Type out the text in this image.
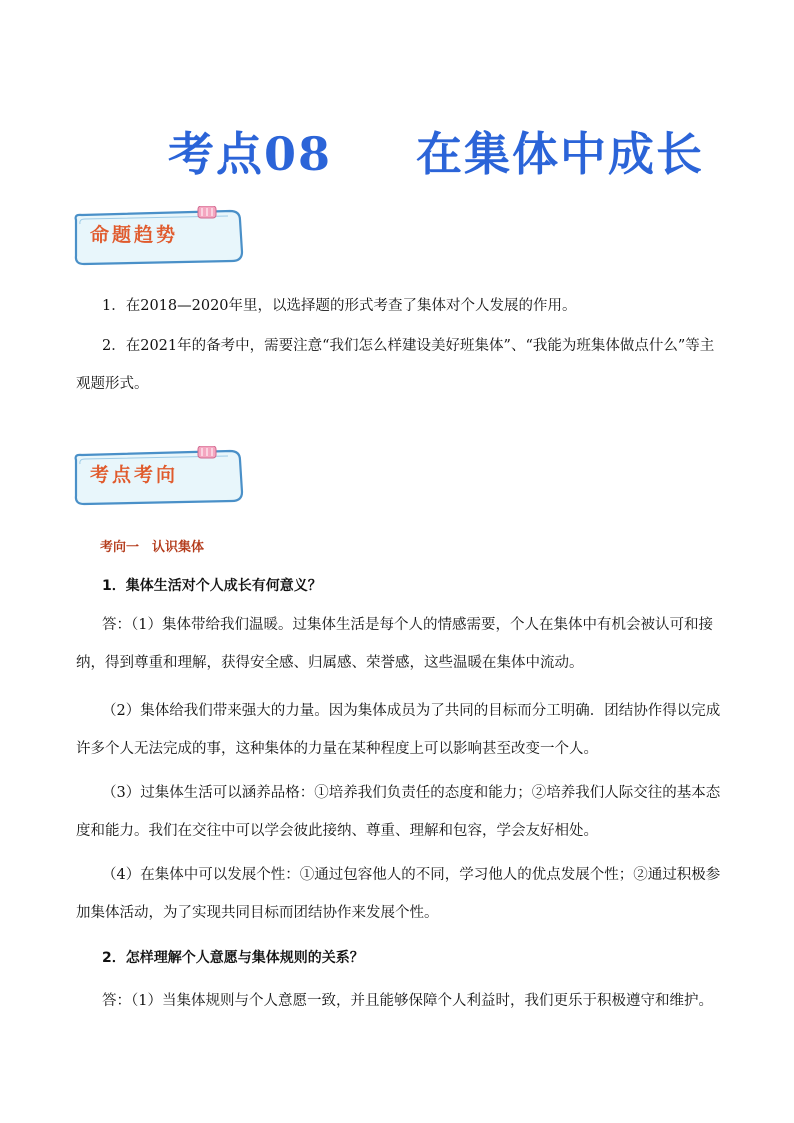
考点08 在集体中成长
命题趋势
1．在2018—2020年里，以选择题的形式考查了集体对个人发展的作用。
2．在2021年的备考中，需要注意“我们怎么样建设美好班集体”、“我能为班集体做点什么”等主观题形式。
考点考向
考向一　认识集体
1．集体生活对个人成长有何意义？
答：（1）集体带给我们温暖。过集体生活是每个人的情感需要，个人在集体中有机会被认可和接纳，得到尊重和理解，获得安全感、归属感、荣誉感，这些温暖在集体中流动。
（2）集体给我们带来强大的力量。因为集体成员为了共同的目标而分工明确．团结协作得以完成许多个人无法完成的事，这种集体的力量在某种程度上可以影响甚至改变一个人。
（3）过集体生活可以涵养品格：①培养我们负责任的态度和能力；②培养我们人际交往的基本态度和能力。我们在交往中可以学会彼此接纳、尊重、理解和包容，学会友好相处。
（4）在集体中可以发展个性：①通过包容他人的不同，学习他人的优点发展个性；②通过积极参加集体活动，为了实现共同目标而团结协作来发展个性。
2．怎样理解个人意愿与集体规则的关系？
答：（1）当集体规则与个人意愿一致，并且能够保障个人利益时，我们更乐于积极遵守和维护。
